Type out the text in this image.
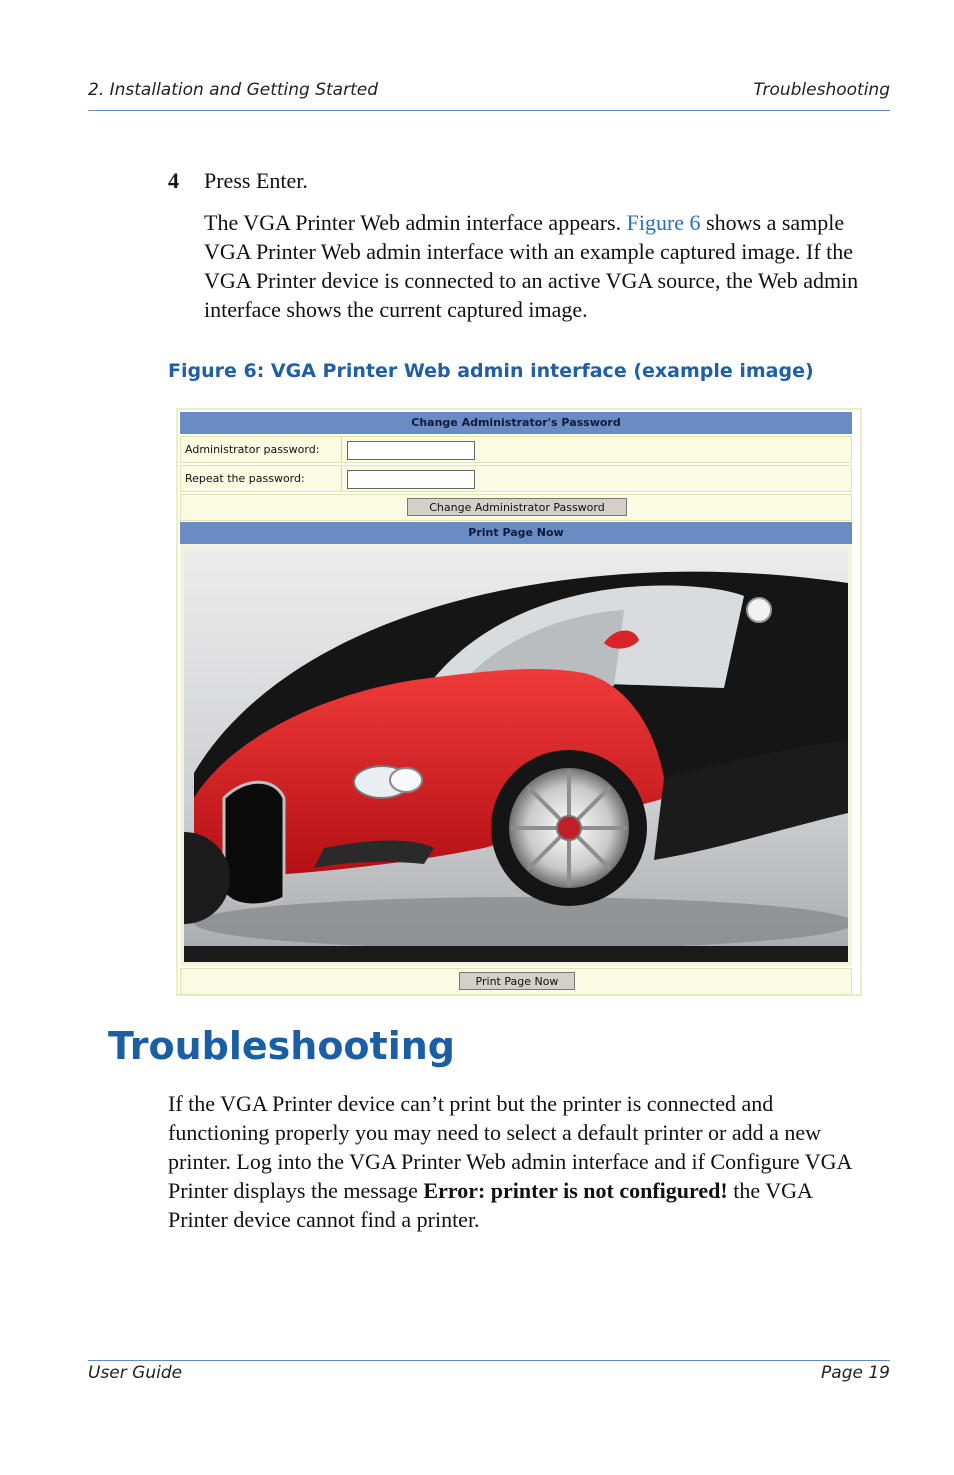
2. Installation and Getting Started	Troubleshooting
4 Press Enter.
The VGA Printer Web admin interface appears. Figure 6 shows a sample VGA Printer Web admin interface with an example captured image. If the VGA Printer device is connected to an active VGA source, the Web admin interface shows the current captured image.
Figure 6: VGA Printer Web admin interface (example image)
Change Administrator's Password
Administrator password:
Repeat the password:
Change Administrator Password
Print Page Now
Print Page Now
Troubleshooting
If the VGA Printer device can’t print but the printer is connected and functioning properly you may need to select a default printer or add a new printer. Log into the VGA Printer Web admin interface and if Configure VGA Printer displays the message Error: printer is not configured! the VGA Printer device cannot find a printer.
User Guide	Page 19
